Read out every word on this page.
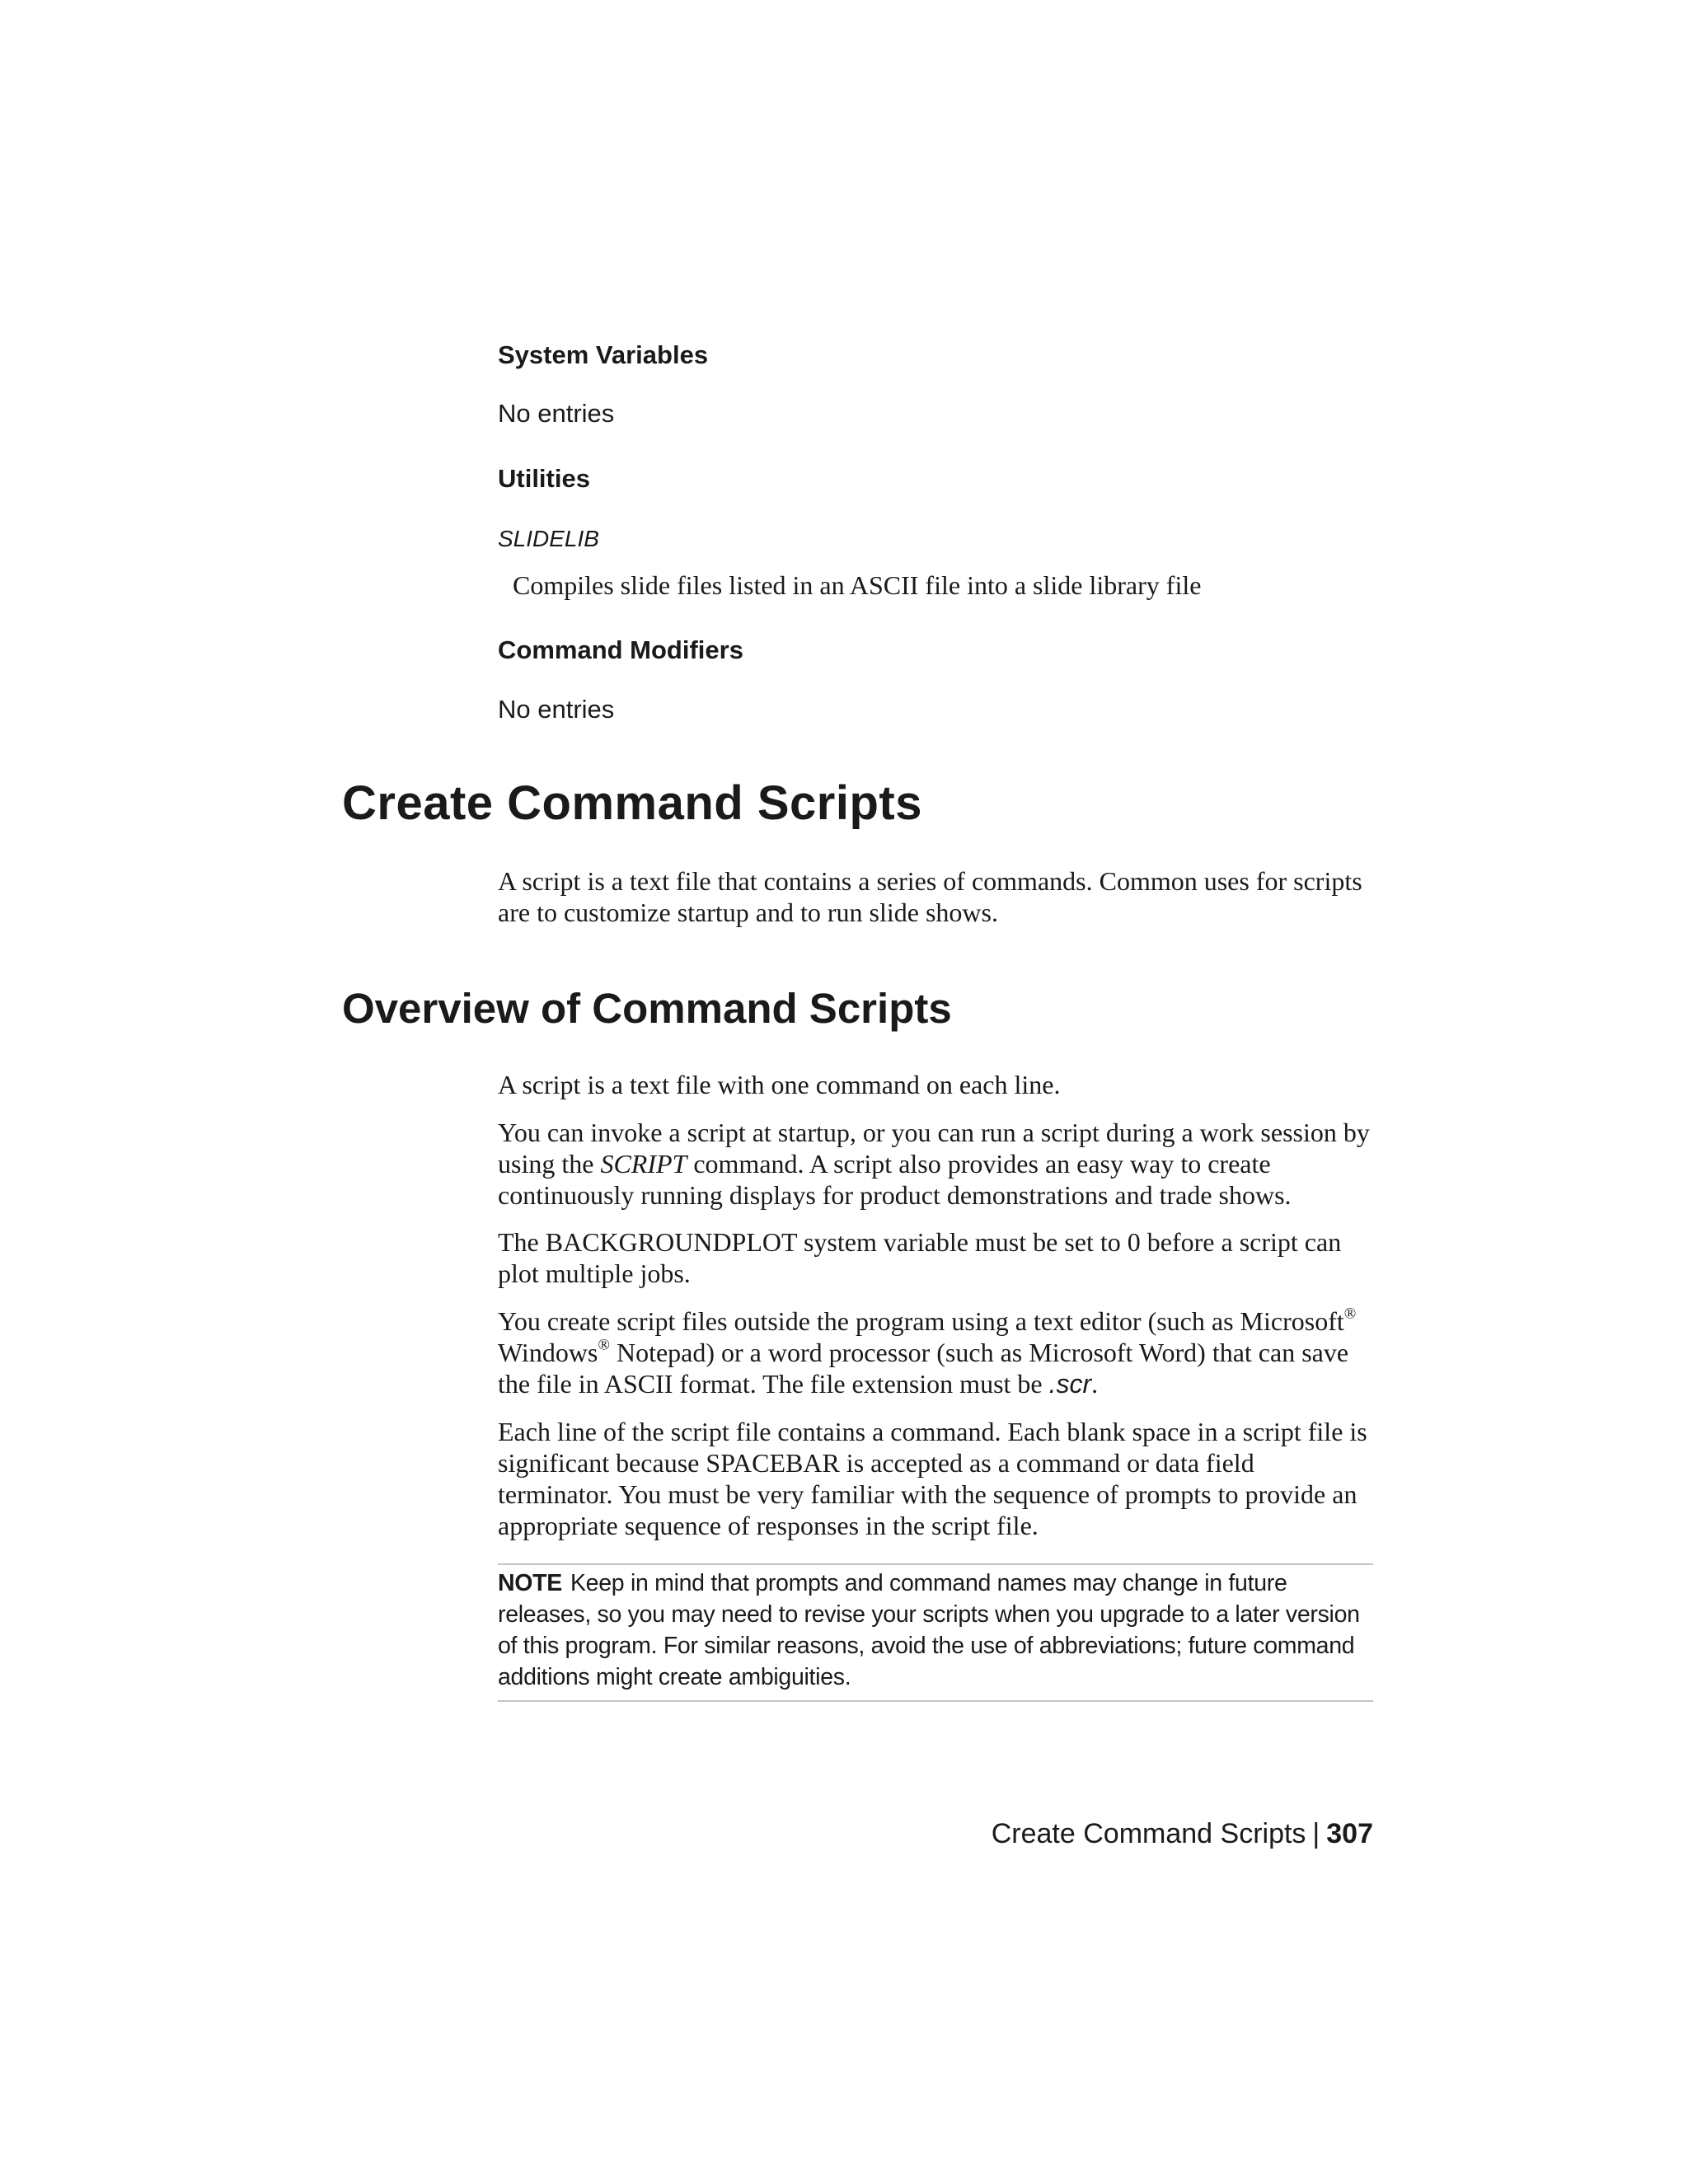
System Variables

No entries

Utilities

SLIDELIB

Compiles slide files listed in an ASCII file into a slide library file

Command Modifiers

No entries

Create Command Scripts

A script is a text file that contains a series of commands. Common uses for scripts are to customize startup and to run slide shows.

Overview of Command Scripts

A script is a text file with one command on each line.

You can invoke a script at startup, or you can run a script during a work session by using the SCRIPT command. A script also provides an easy way to create continuously running displays for product demonstrations and trade shows.

The BACKGROUNDPLOT system variable must be set to 0 before a script can plot multiple jobs.

You create script files outside the program using a text editor (such as Microsoft® Windows® Notepad) or a word processor (such as Microsoft Word) that can save the file in ASCII format. The file extension must be .scr.

Each line of the script file contains a command. Each blank space in a script file is significant because SPACEBAR is accepted as a command or data field terminator. You must be very familiar with the sequence of prompts to provide an appropriate sequence of responses in the script file.

NOTE Keep in mind that prompts and command names may change in future releases, so you may need to revise your scripts when you upgrade to a later version of this program. For similar reasons, avoid the use of abbreviations; future command additions might create ambiguities.

Create Command Scripts | 307
